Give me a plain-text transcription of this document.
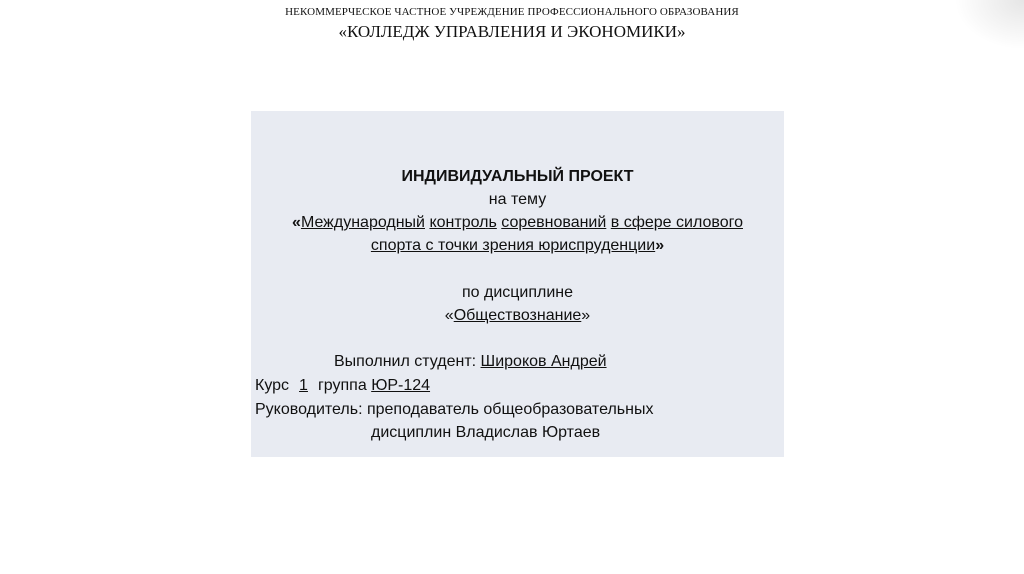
НЕКОММЕРЧЕСКОЕ ЧАСТНОЕ УЧРЕЖДЕНИЕ ПРОФЕССИОНАЛЬНОГО ОБРАЗОВАНИЯ
«КОЛЛЕДЖ УПРАВЛЕНИЯ И ЭКОНОМИКИ»
ИНДИВИДУАЛЬНЫЙ ПРОЕКТ
на тему
«Международный контроль соревнований в сфере силового
спорта с точки зрения юриспруденции»
по дисциплине
«Обществознание»
Выполнил студент: Широков Андрей
Курс 1 группа ЮР-124
Руководитель: преподаватель общеобразовательных
дисциплин Владислав Юртаев
